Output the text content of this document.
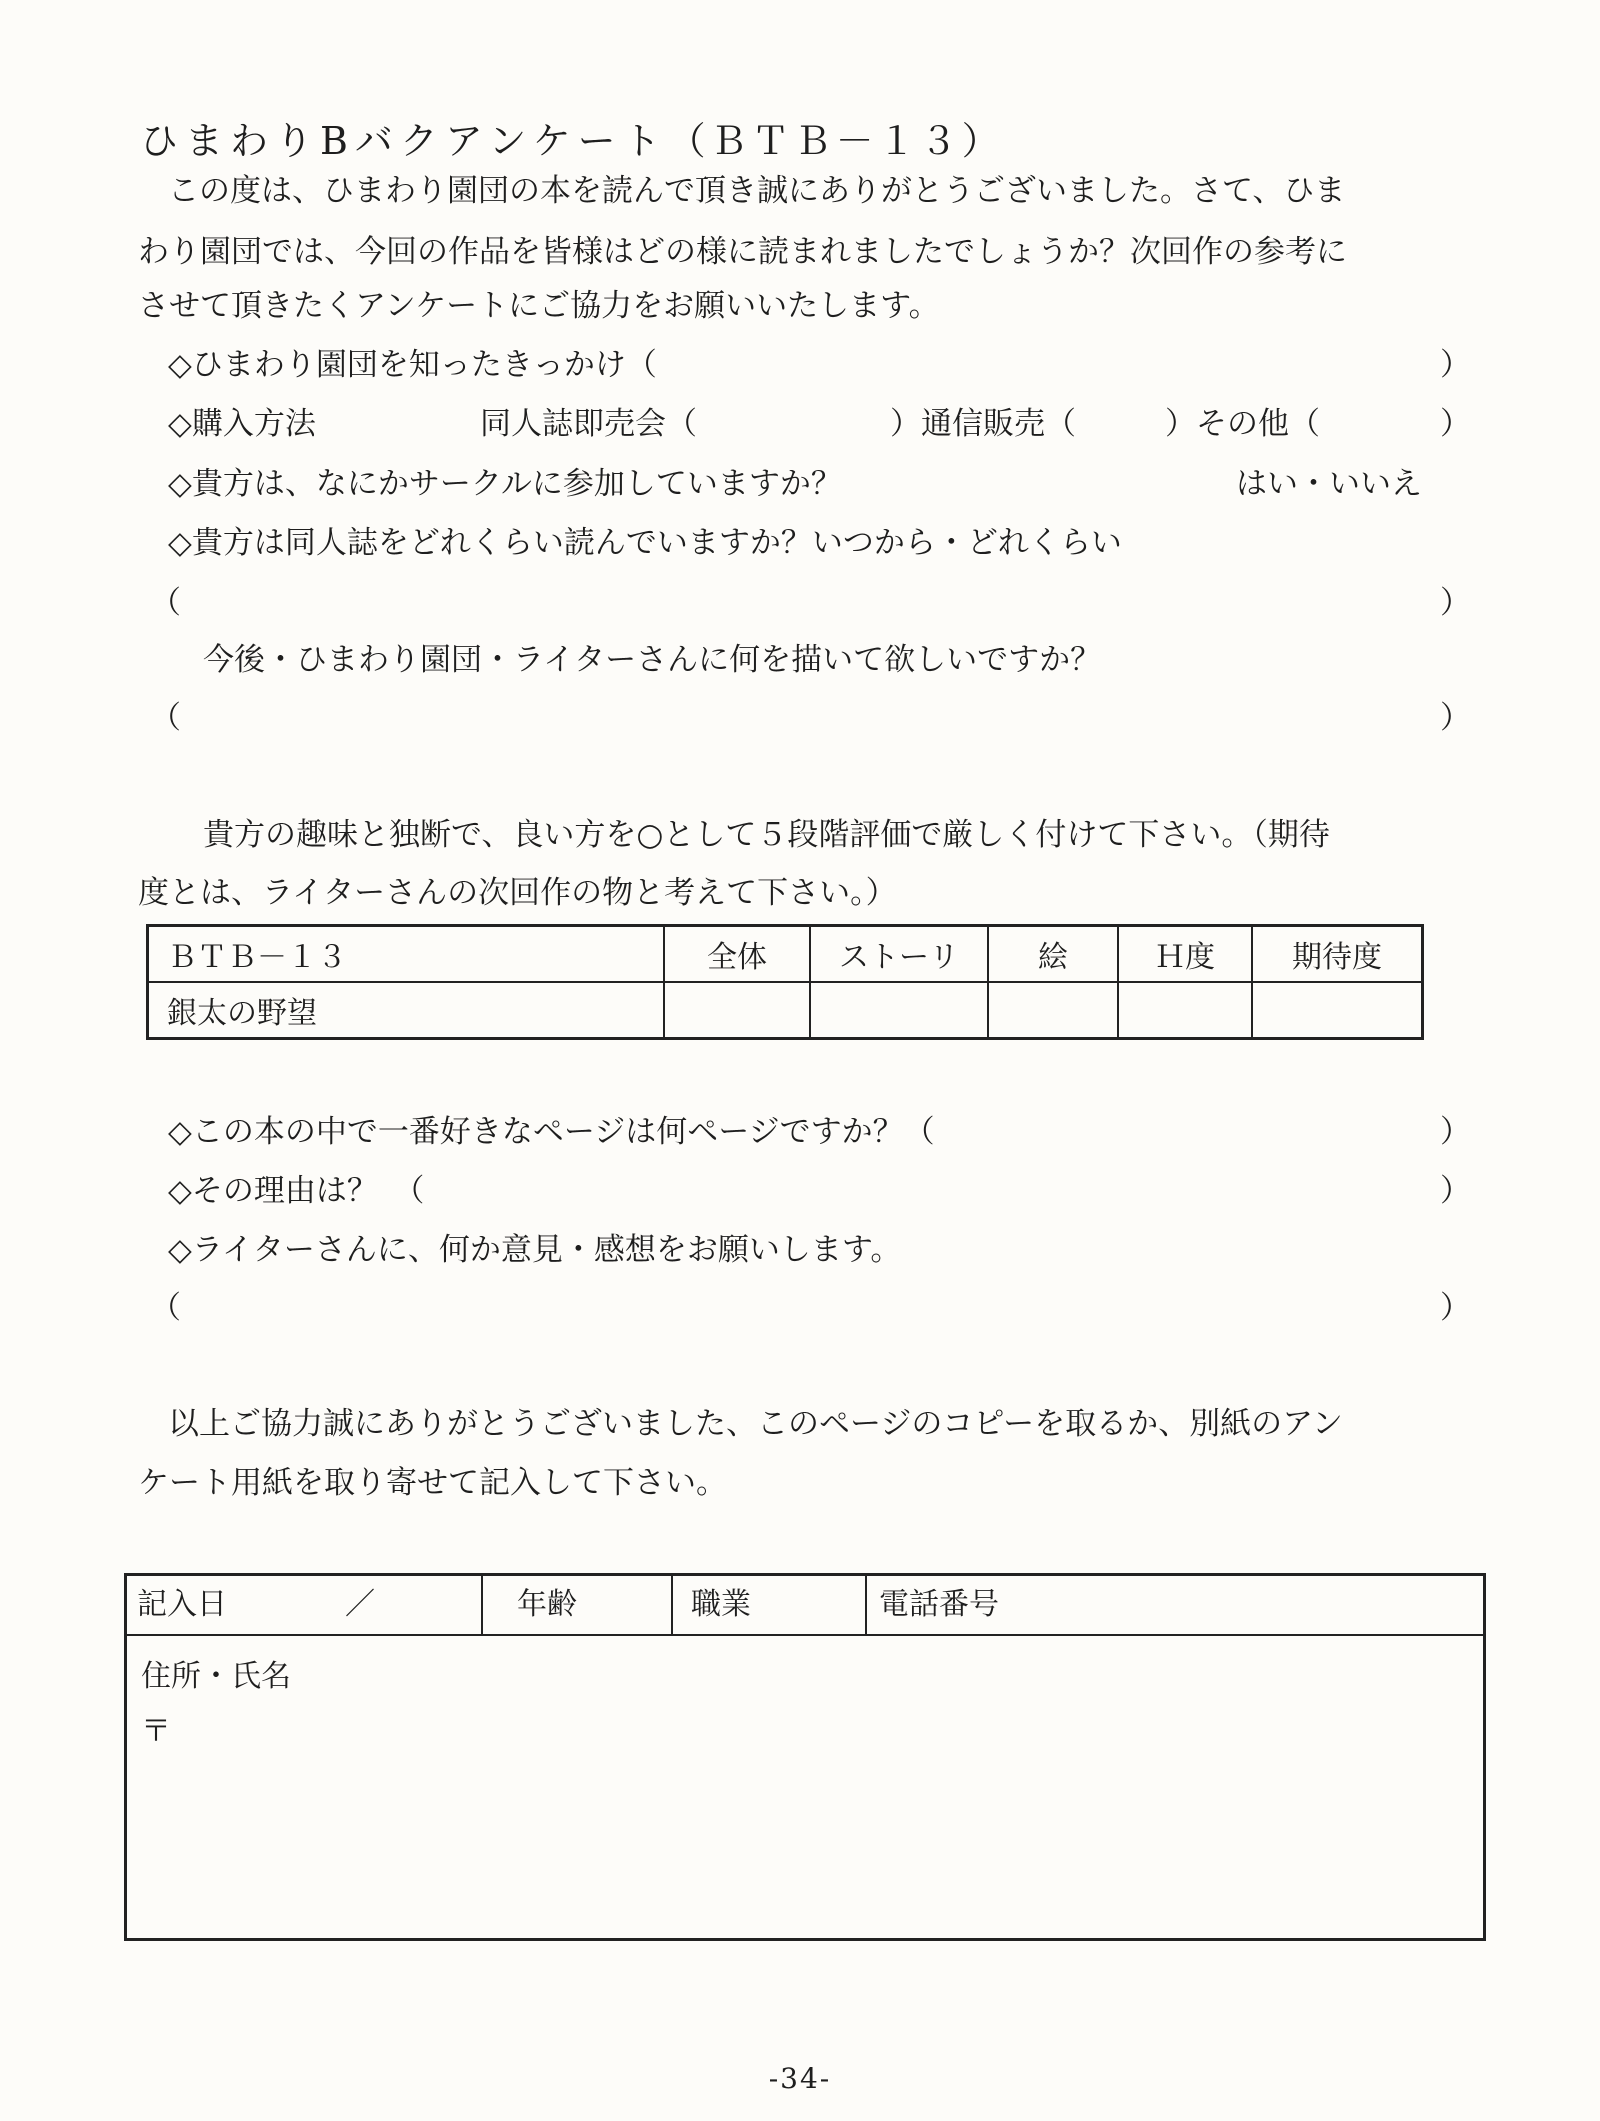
ひまわりBバクアンケート（ＢＴＢ－１３）
この度は、ひまわり園団の本を読んで頂き誠にありがとうございました。さて、ひま
わり園団では、今回の作品を皆様はどの様に読まれましたでしょうか？次回作の参考に
させて頂きたくアンケートにご協力をお願いいたします。
◇ひまわり園団を知ったきっかけ（	）
◇購入方法	同人誌即売会（	）通信販売（	）その他（	）
◇貴方は、なにかサークルに参加していますか？	はい・いいえ
◇貴方は同人誌をどれくらい読んでいますか？いつから・どれくらい
（	）
今後・ひまわり園団・ライターさんに何を描いて欲しいですか？
（	）
貴方の趣味と独断で、良い方を○として５段階評価で厳しく付けて下さい。（期待
度とは、ライターさんの次回作の物と考えて下さい。）
ＢＴＢ－１３	全体	ストーリ	絵	Ｈ度	期待度
銀太の野望					
◇この本の中で一番好きなページは何ページですか？（	）
◇その理由は？　（	）
◇ライターさんに、何か意見・感想をお願いします。
（	）
以上ご協力誠にありがとうございました、このページのコピーを取るか、別紙のアン
ケート用紙を取り寄せて記入して下さい。
記入日	／	年齢	職業	電話番号
住所・氏名
〒
-34-
